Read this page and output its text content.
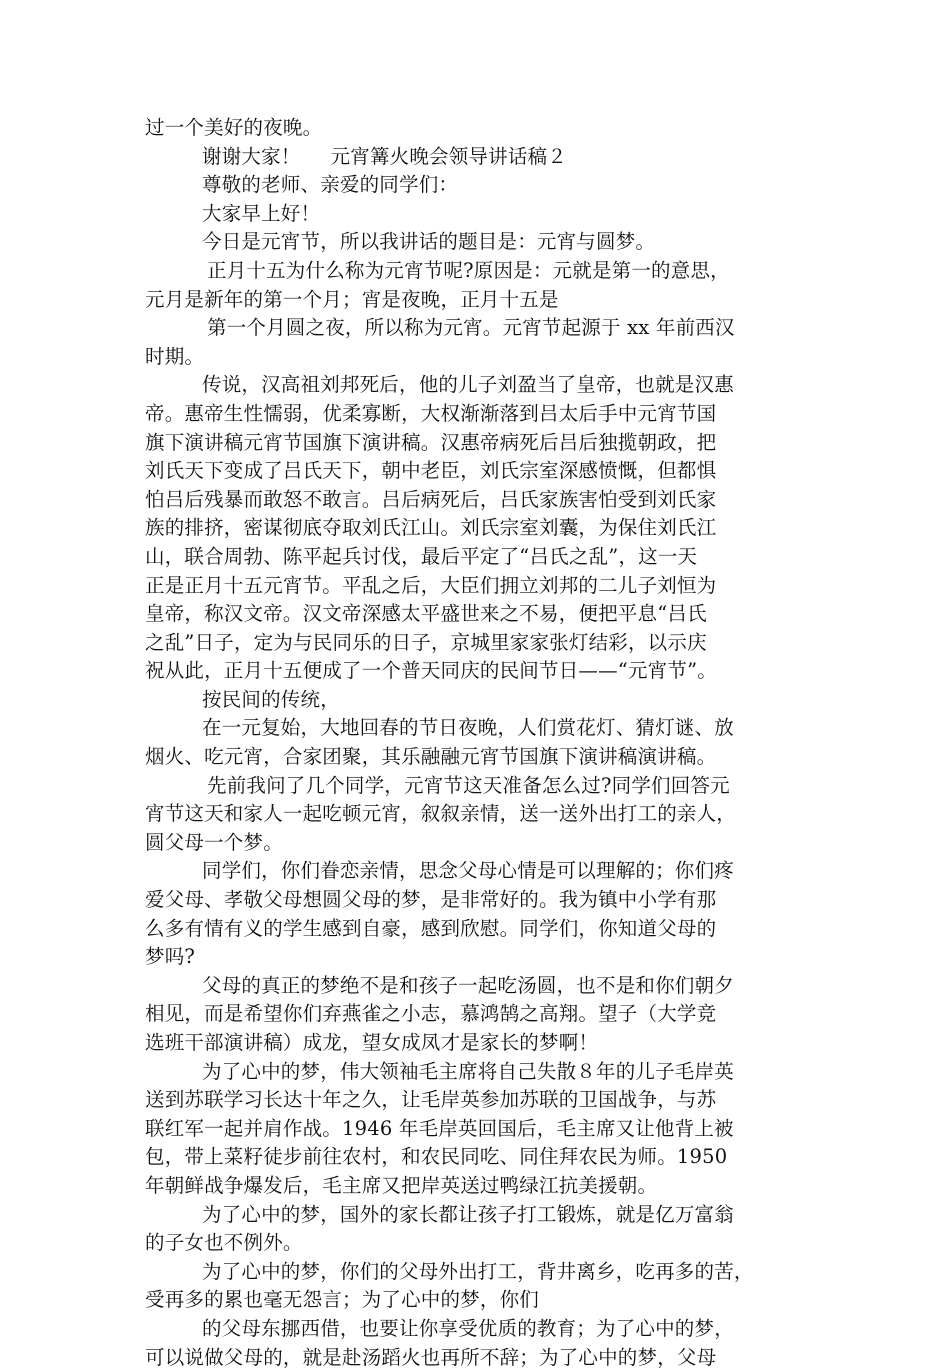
过一个美好的夜晚。
谢谢大家！ 元宵篝火晚会领导讲话稿２
尊敬的老师、亲爱的同学们：
大家早上好！
今日是元宵节，所以我讲话的题目是：元宵与圆梦。
正月十五为什么称为元宵节呢?原因是：元就是第一的意思，
元月是新年的第一个月；宵是夜晚，正月十五是
第一个月圆之夜，所以称为元宵。元宵节起源于 xx 年前西汉
时期。
传说，汉高祖刘邦死后，他的儿子刘盈当了皇帝，也就是汉惠
帝。惠帝生性懦弱，优柔寡断，大权渐渐落到吕太后手中元宵节国
旗下演讲稿元宵节国旗下演讲稿。汉惠帝病死后吕后独揽朝政，把
刘氏天下变成了吕氏天下，朝中老臣，刘氏宗室深感愤慨，但都惧
怕吕后残暴而敢怒不敢言。吕后病死后，吕氏家族害怕受到刘氏家
族的排挤，密谋彻底夺取刘氏江山。刘氏宗室刘囊，为保住刘氏江
山，联合周勃、陈平起兵讨伐，最后平定了“吕氏之乱”，这一天
正是正月十五元宵节。平乱之后，大臣们拥立刘邦的二儿子刘恒为
皇帝，称汉文帝。汉文帝深感太平盛世来之不易，便把平息“吕氏
之乱”日子，定为与民同乐的日子，京城里家家张灯结彩，以示庆
祝从此，正月十五便成了一个普天同庆的民间节日——“元宵节”。
按民间的传统，
在一元复始，大地回春的节日夜晚，人们赏花灯、猜灯谜、放
烟火、吃元宵，合家团聚，其乐融融元宵节国旗下演讲稿演讲稿。
先前我问了几个同学，元宵节这天准备怎么过?同学们回答元
宵节这天和家人一起吃顿元宵，叙叙亲情，送一送外出打工的亲人，
圆父母一个梦。
同学们，你们眷恋亲情，思念父母心情是可以理解的；你们疼
爱父母、孝敬父母想圆父母的梦，是非常好的。我为镇中小学有那
么多有情有义的学生感到自豪，感到欣慰。同学们，你知道父母的
梦吗?
父母的真正的梦绝不是和孩子一起吃汤圆，也不是和你们朝夕
相见，而是希望你们弃燕雀之小志，慕鸿鹄之高翔。望子（大学竞
选班干部演讲稿）成龙，望女成凤才是家长的梦啊！
为了心中的梦，伟大领袖毛主席将自己失散８年的儿子毛岸英
送到苏联学习长达十年之久，让毛岸英参加苏联的卫国战争，与苏
联红军一起并肩作战。1946 年毛岸英回国后，毛主席又让他背上被
包，带上菜籽徒步前往农村，和农民同吃、同住拜农民为师。1950
年朝鲜战争爆发后，毛主席又把岸英送过鸭绿江抗美援朝。
为了心中的梦，国外的家长都让孩子打工锻炼，就是亿万富翁
的子女也不例外。
为了心中的梦，你们的父母外出打工，背井离乡，吃再多的苦，
受再多的累也毫无怨言；为了心中的梦，你们
的父母东挪西借，也要让你享受优质的教育；为了心中的梦，
可以说做父母的，就是赴汤蹈火也再所不辞；为了心中的梦，父母
